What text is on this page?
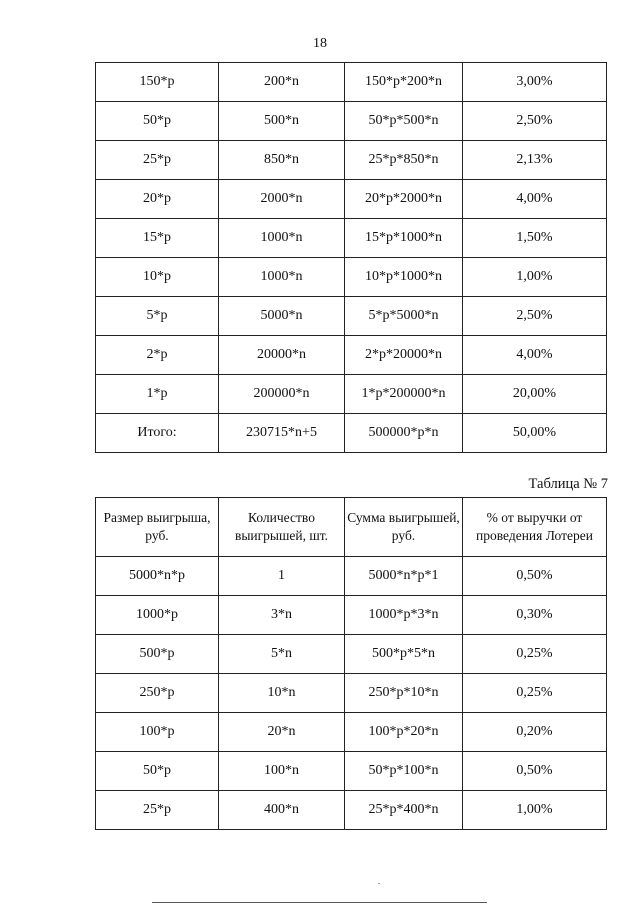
18
150*p	200*n	150*p*200*n	3,00%
50*p	500*n	50*p*500*n	2,50%
25*p	850*n	25*p*850*n	2,13%
20*p	2000*n	20*p*2000*n	4,00%
15*p	1000*n	15*p*1000*n	1,50%
10*p	1000*n	10*p*1000*n	1,00%
5*p	5000*n	5*p*5000*n	2,50%
2*p	20000*n	2*p*20000*n	4,00%
1*p	200000*n	1*p*200000*n	20,00%
Итого:	230715*n+5	500000*p*n	50,00%
Таблица № 7
Размер выигрыша, руб.	Количество выигрышей, шт.	Сумма выигрышей, руб.	% от выручки от проведения Лотереи
5000*n*p	1	5000*n*p*1	0,50%
1000*p	3*n	1000*p*3*n	0,30%
500*p	5*n	500*p*5*n	0,25%
250*p	10*n	250*p*10*n	0,25%
100*p	20*n	100*p*20*n	0,20%
50*p	100*n	50*p*100*n	0,50%
25*p	400*n	25*p*400*n	1,00%
